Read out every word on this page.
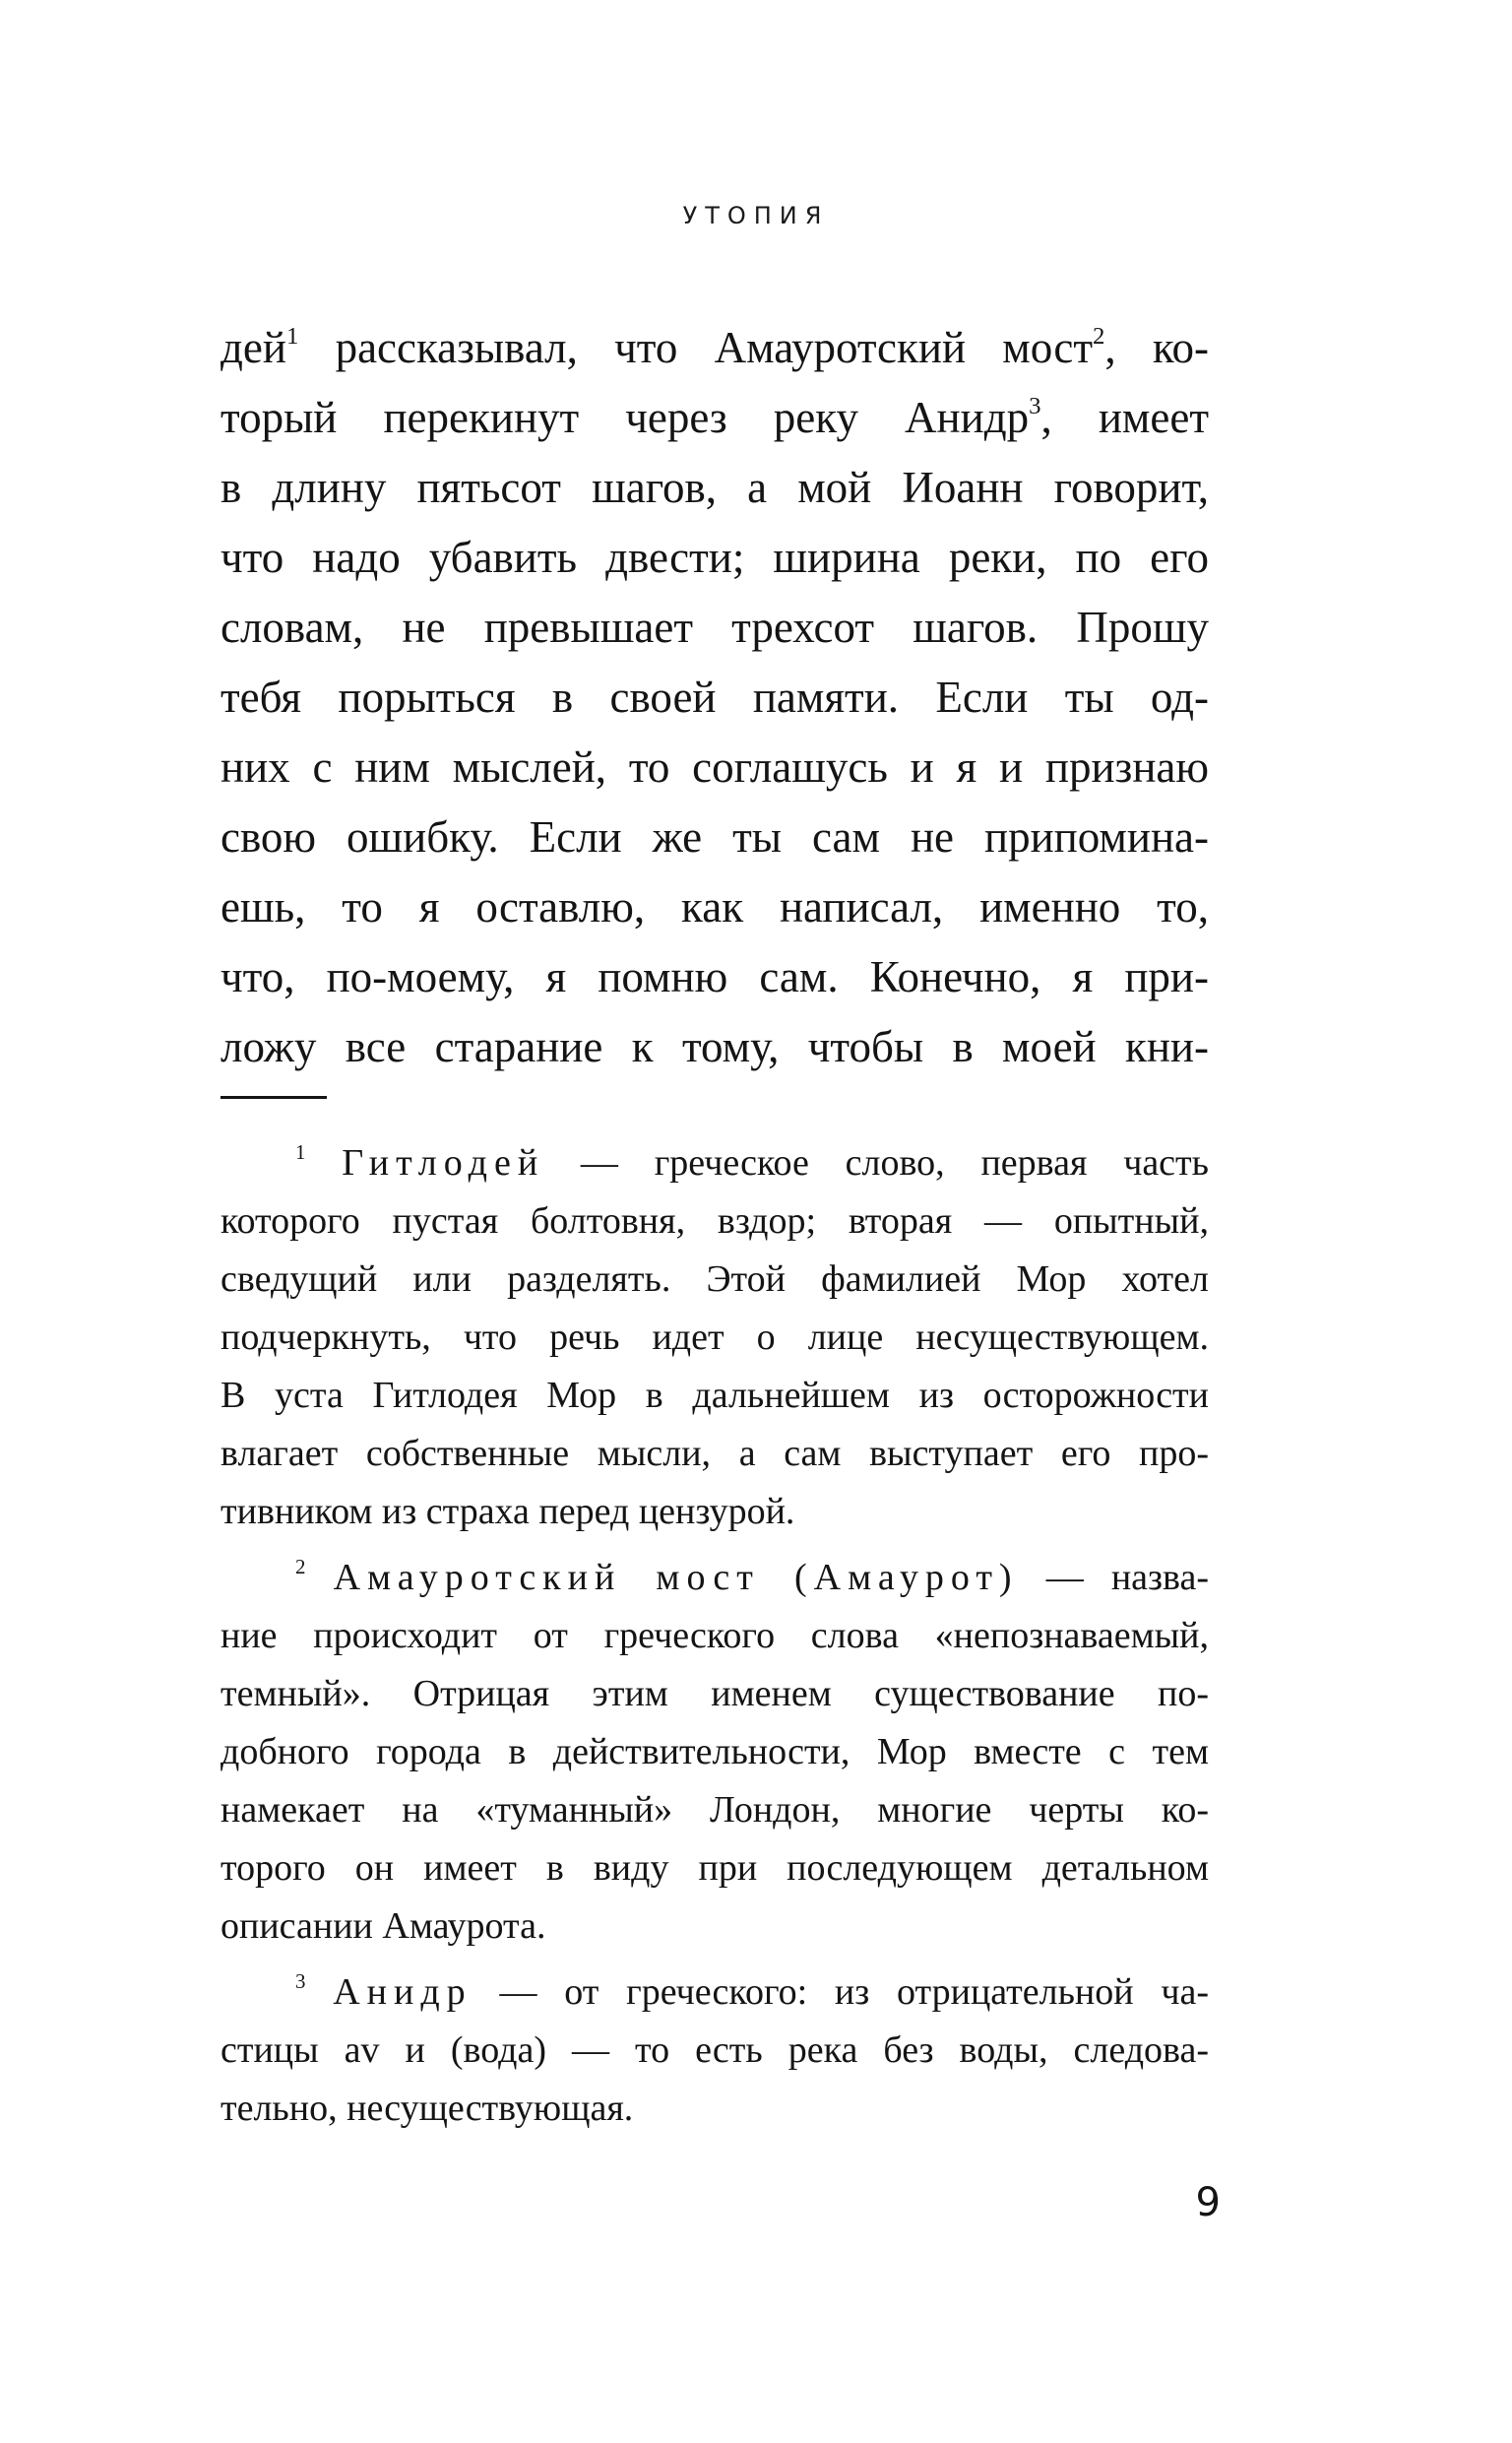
УТОПИЯ
дей$^1$ рассказывал, что Амауротский мост$^2$, ко-
торый перекинут через реку Анидр$^3$, имеет
в длину пятьсот шагов, а мой Иоанн говорит,
что надо убавить двести; ширина реки, по его
словам, не превышает трехсот шагов. Прошу
тебя порыться в своей памяти. Если ты од-
них с ним мыслей, то соглашусь и я и признаю
свою ошибку. Если же ты сам не припомина-
ешь, то я оставлю, как написал, именно то,
что, по-моему, я помню сам. Конечно, я при-
ложу все старание к тому, чтобы в моей кни-
$^1$ Гитлодей — греческое слово, первая часть
которого пустая болтовня, вздор; вторая — опытный,
сведущий или разделять. Этой фамилией Мор хотел
подчеркнуть, что речь идет о лице несуществующем.
В уста Гитлодея Мор в дальнейшем из осторожности
влагает собственные мысли, а сам выступает его про-
тивником из страха перед цензурой.
$^2$ Амауротский мост (Амаурот) — назва-
ние происходит от греческого слова «непознаваемый,
темный». Отрицая этим именем существование по-
добного города в действительности, Мор вместе с тем
намекает на «туманный» Лондон, многие черты ко-
торого он имеет в виду при последующем детальном
описании Амаурота.
$^3$ Анидр — от греческого: из отрицательной ча-
стицы av и (вода) — то есть река без воды, следова-
тельно, несуществующая.
9
